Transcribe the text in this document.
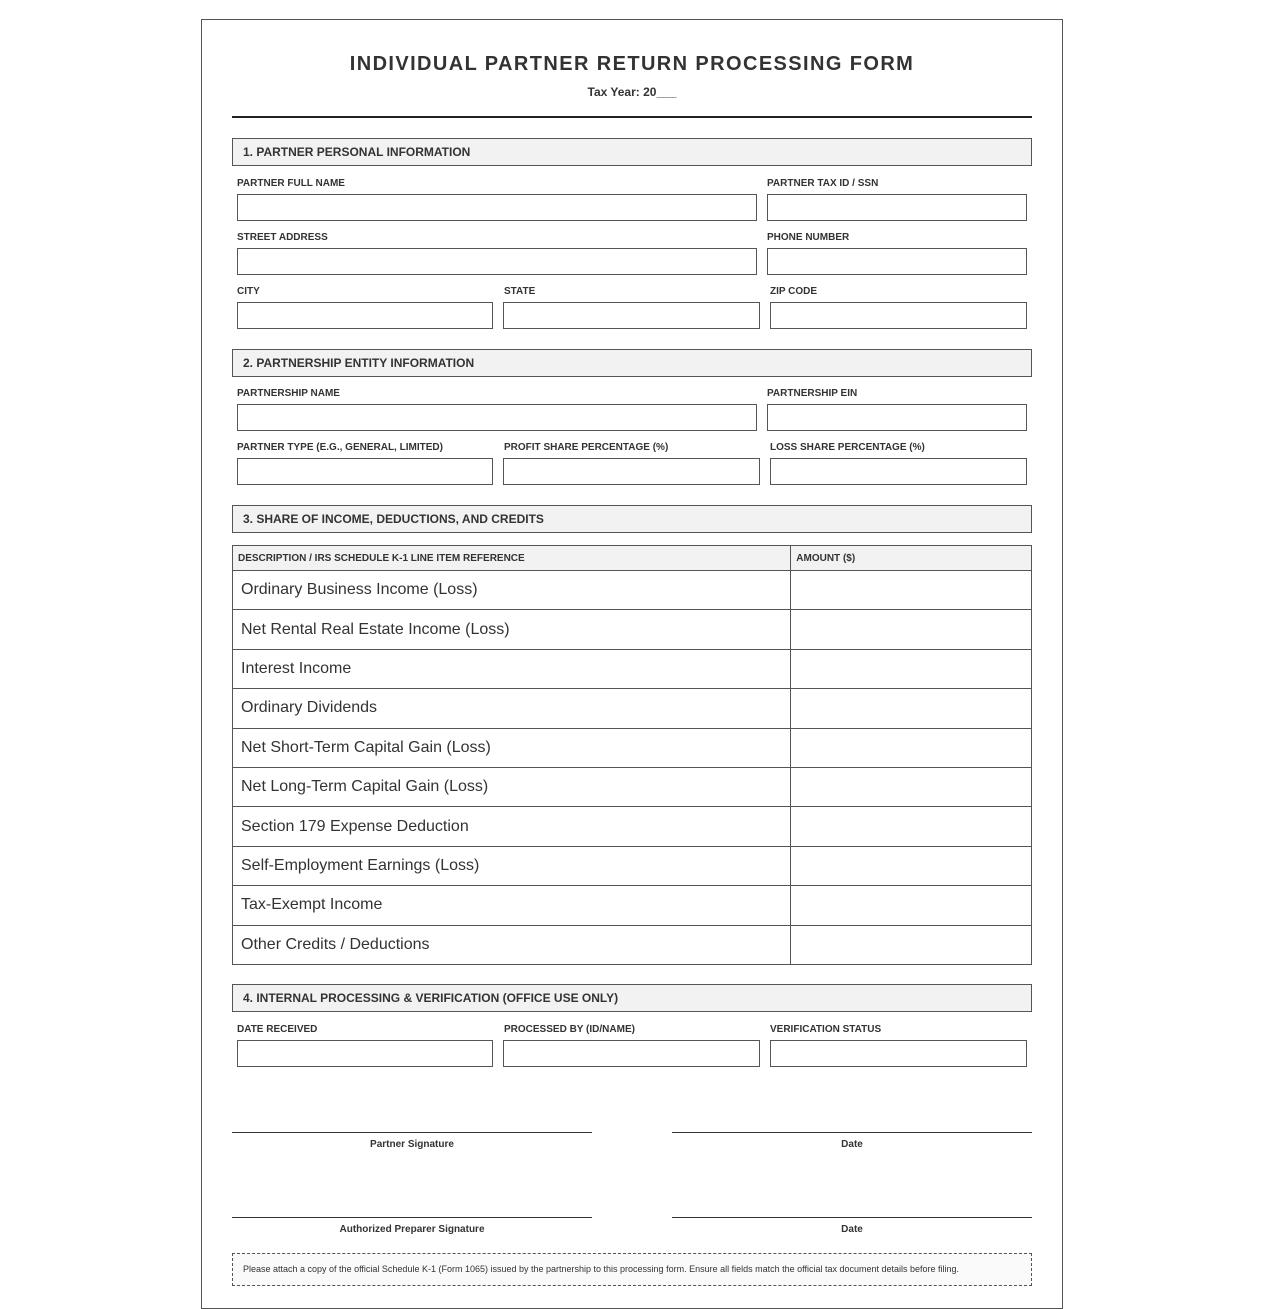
INDIVIDUAL PARTNER RETURN PROCESSING FORM
Tax Year: 20___
1. PARTNER PERSONAL INFORMATION
PARTNER FULL NAME	PARTNER TAX ID / SSN
STREET ADDRESS	PHONE NUMBER
CITY	STATE	ZIP CODE
2. PARTNERSHIP ENTITY INFORMATION
PARTNERSHIP NAME	PARTNERSHIP EIN
PARTNER TYPE (E.G., GENERAL, LIMITED)	PROFIT SHARE PERCENTAGE (%)	LOSS SHARE PERCENTAGE (%)
3. SHARE OF INCOME, DEDUCTIONS, AND CREDITS
DESCRIPTION / IRS SCHEDULE K-1 LINE ITEM REFERENCE	AMOUNT ($)
Ordinary Business Income (Loss)	
Net Rental Real Estate Income (Loss)	
Interest Income	
Ordinary Dividends	
Net Short-Term Capital Gain (Loss)	
Net Long-Term Capital Gain (Loss)	
Section 179 Expense Deduction	
Self-Employment Earnings (Loss)	
Tax-Exempt Income	
Other Credits / Deductions	
4. INTERNAL PROCESSING & VERIFICATION (OFFICE USE ONLY)
DATE RECEIVED	PROCESSED BY (ID/NAME)	VERIFICATION STATUS
Partner Signature	Date
Authorized Preparer Signature	Date
Please attach a copy of the official Schedule K-1 (Form 1065) issued by the partnership to this processing form. Ensure all fields match the official tax document details before filing.
